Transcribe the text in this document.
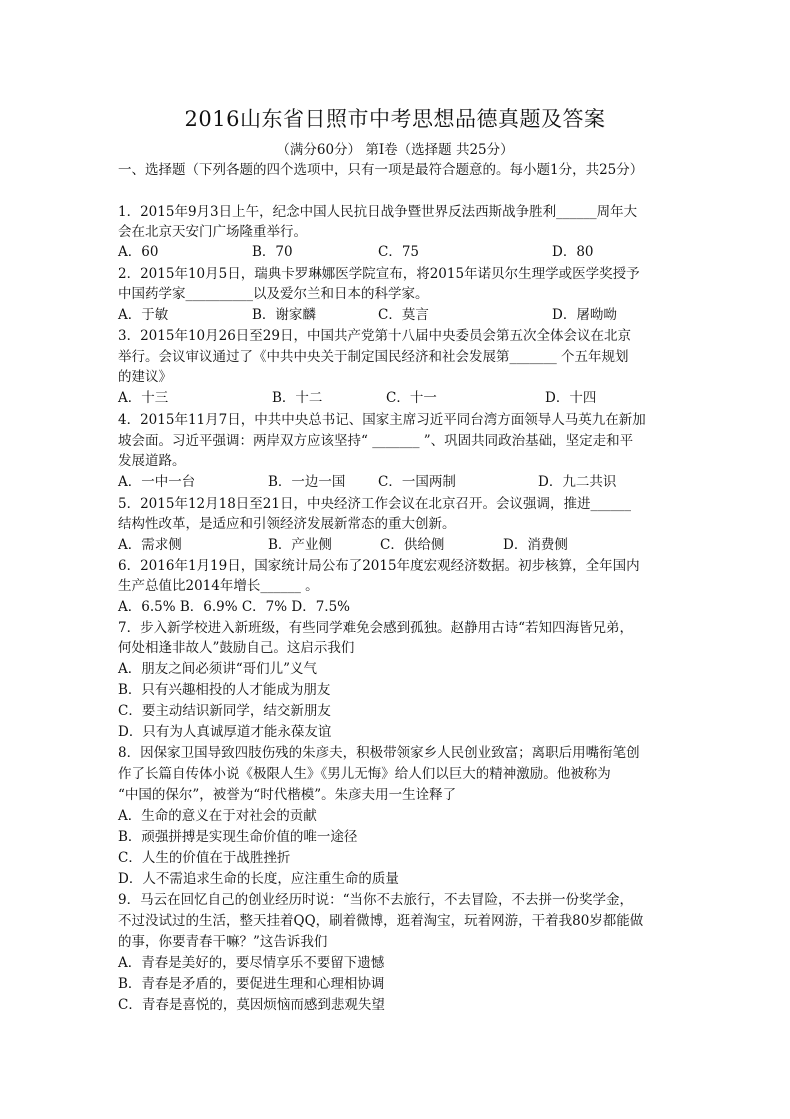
2016山东省日照市中考思想品德真题及答案
（满分60分） 第Ⅰ卷（选择题 共25分）
一、选择题（下列各题的四个选项中，只有一项是最符合题意的。每小题1分，共25分）
1．2015年9月3日上午，纪念中国人民抗日战争暨世界反法西斯战争胜利______周年大
会在北京天安门广场隆重举行。
A．60	B．70	C．75	D．80
2．2015年10月5日，瑞典卡罗琳娜医学院宣布，将2015年诺贝尔生理学或医学奖授予
中国药学家__________以及爱尔兰和日本的科学家。
A．于敏	B．谢家麟	C．莫言	D．屠呦呦
3．2015年10月26日至29日，中国共产党第十八届中央委员会第五次全体会议在北京
举行。会议审议通过了《中共中央关于制定国民经济和社会发展第_______ 个五年规划
的建议》
A．十三	B．十二	C．十一	D．十四
4．2015年11月7日，中共中央总书记、国家主席习近平同台湾方面领导人马英九在新加
坡会面。习近平强调：两岸双方应该坚持“ _______ ”、巩固共同政治基础，坚定走和平
发展道路。
A．一中一台	B．一边一国 C．一国两制	D．九二共识
5．2015年12月18日至21日，中央经济工作会议在北京召开。会议强调，推进______
结构性改革，是适应和引领经济发展新常态的重大创新。
A．需求侧	B．产业侧	C．供给侧	D．消费侧
6．2016年1月19日，国家统计局公布了2015年度宏观经济数据。初步核算，全年国内
生产总值比2014年增长______ 。
A．6.5% B．6.9% C．7% D．7.5%
7．步入新学校进入新班级，有些同学难免会感到孤独。赵静用古诗“若知四海皆兄弟，
何处相逢非故人”鼓励自己。这启示我们
A．朋友之间必须讲“哥们儿”义气
B．只有兴趣相投的人才能成为朋友
C．要主动结识新同学，结交新朋友
D．只有为人真诚厚道才能永葆友谊
8．因保家卫国导致四肢伤残的朱彦夫，积极带领家乡人民创业致富；离职后用嘴衔笔创
作了长篇自传体小说《极限人生》《男儿无悔》给人们以巨大的精神激励。他被称为
“中国的保尔”，被誉为“时代楷模”。朱彦夫用一生诠释了
A．生命的意义在于对社会的贡献
B．顽强拼搏是实现生命价值的唯一途径
C．人生的价值在于战胜挫折
D．人不需追求生命的长度，应注重生命的质量
9．马云在回忆自己的创业经历时说：“当你不去旅行，不去冒险，不去拼一份奖学金，
不过没试过的生活，整天挂着QQ，刷着微博，逛着淘宝，玩着网游，干着我80岁都能做
的事，你要青春干嘛？”这告诉我们
A．青春是美好的，要尽情享乐不要留下遗憾
B．青春是矛盾的，要促进生理和心理相协调
C．青春是喜悦的，莫因烦恼而感到悲观失望
